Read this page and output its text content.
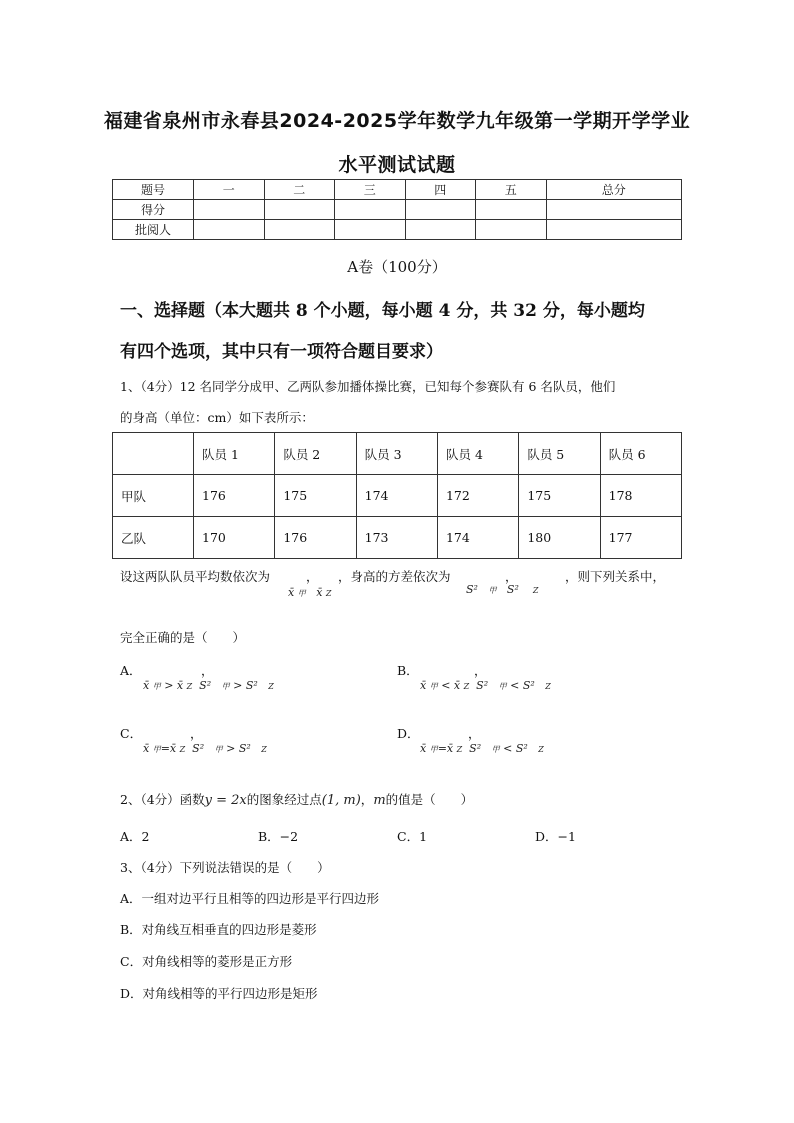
福建省泉州市永春县2024-2025学年数学九年级第一学期开学学业
水平测试试题
题号	一	二	三	四	五	总分
得分						
批阅人						
A卷（100分）
一、选择题（本大题共 8 个小题，每小题 4 分，共 32 分，每小题均
有四个选项，其中只有一项符合题目要求）
1、（4分）12 名同学分成甲、乙两队参加播体操比赛，已知每个参赛队有 6 名队员，他们
的身高（单位：cm）如下表所示：
	队员 1	队员 2	队员 3	队员 4	队员 5	队员 6
甲队	176	175	174	172	175	178
乙队	170	176	173	174	180	177
设这两队队员平均数依次为	， ，身高的方差依次为	，	，则下列关系中，
x̄ 甲   x̄ Z	S²   甲   S²    Z
完全正确的是（　　）
A．	，
x̄ 甲 > x̄ Z  S²   甲 > S²   Z
B．	，
x̄ 甲 < x̄ Z  S²   甲 < S²   Z
C．	，
x̄ 甲=x̄ Z  S²   甲 > S²   Z
D．	，
x̄ 甲=x̄ Z  S²   甲 < S²   Z
2、（4分）函数y = 2x的图象经过点(1, m)，m的值是（　　）
A．2	B．−2	C．1	D．−1
3、（4分）下列说法错误的是（　　）
A．一组对边平行且相等的四边形是平行四边形
B．对角线互相垂直的四边形是菱形
C．对角线相等的菱形是正方形
D．对角线相等的平行四边形是矩形
